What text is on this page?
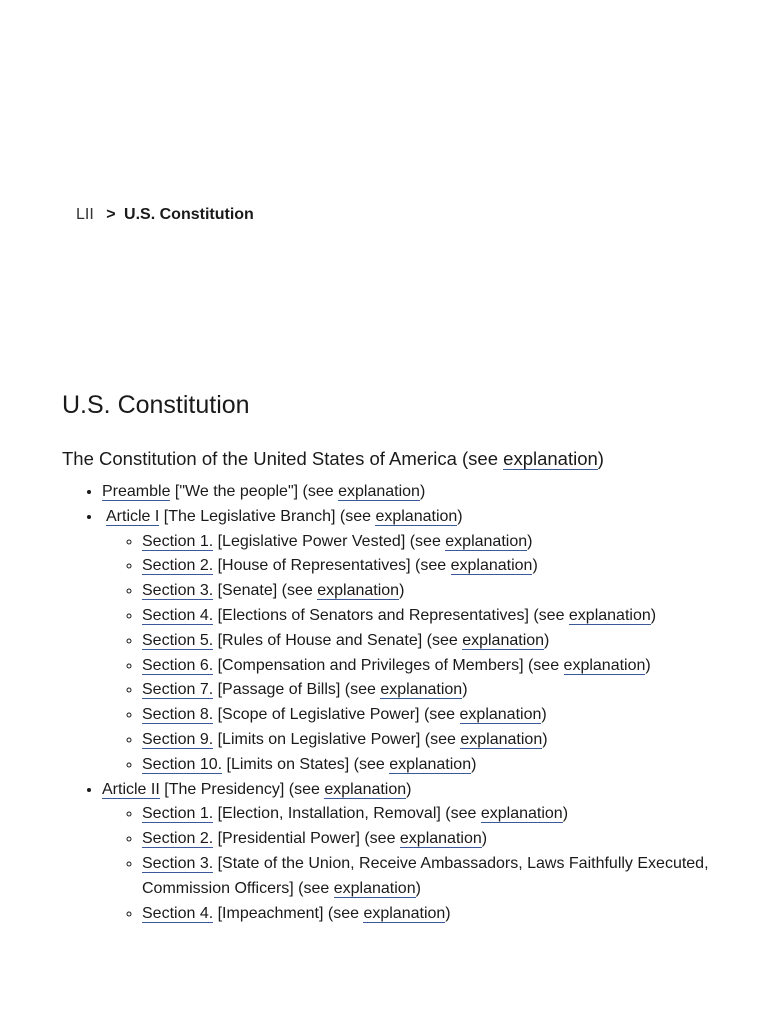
LII > U.S. Constitution
U.S. Constitution

The Constitution of the United States of America (see explanation)

• Preamble ["We the people"] (see explanation)
• Article I [The Legislative Branch] (see explanation)
◦ Section 1. [Legislative Power Vested] (see explanation)
◦ Section 2. [House of Representatives] (see explanation)
◦ Section 3. [Senate] (see explanation)
◦ Section 4. [Elections of Senators and Representatives] (see explanation)
◦ Section 5. [Rules of House and Senate] (see explanation)
◦ Section 6. [Compensation and Privileges of Members] (see explanation)
◦ Section 7. [Passage of Bills] (see explanation)
◦ Section 8. [Scope of Legislative Power] (see explanation)
◦ Section 9. [Limits on Legislative Power] (see explanation)
◦ Section 10. [Limits on States] (see explanation)
• Article II [The Presidency] (see explanation)
◦ Section 1. [Election, Installation, Removal] (see explanation)
◦ Section 2. [Presidential Power] (see explanation)
◦ Section 3. [State of the Union, Receive Ambassadors, Laws Faithfully Executed, Commission Officers] (see explanation)
◦ Section 4. [Impeachment] (see explanation)
